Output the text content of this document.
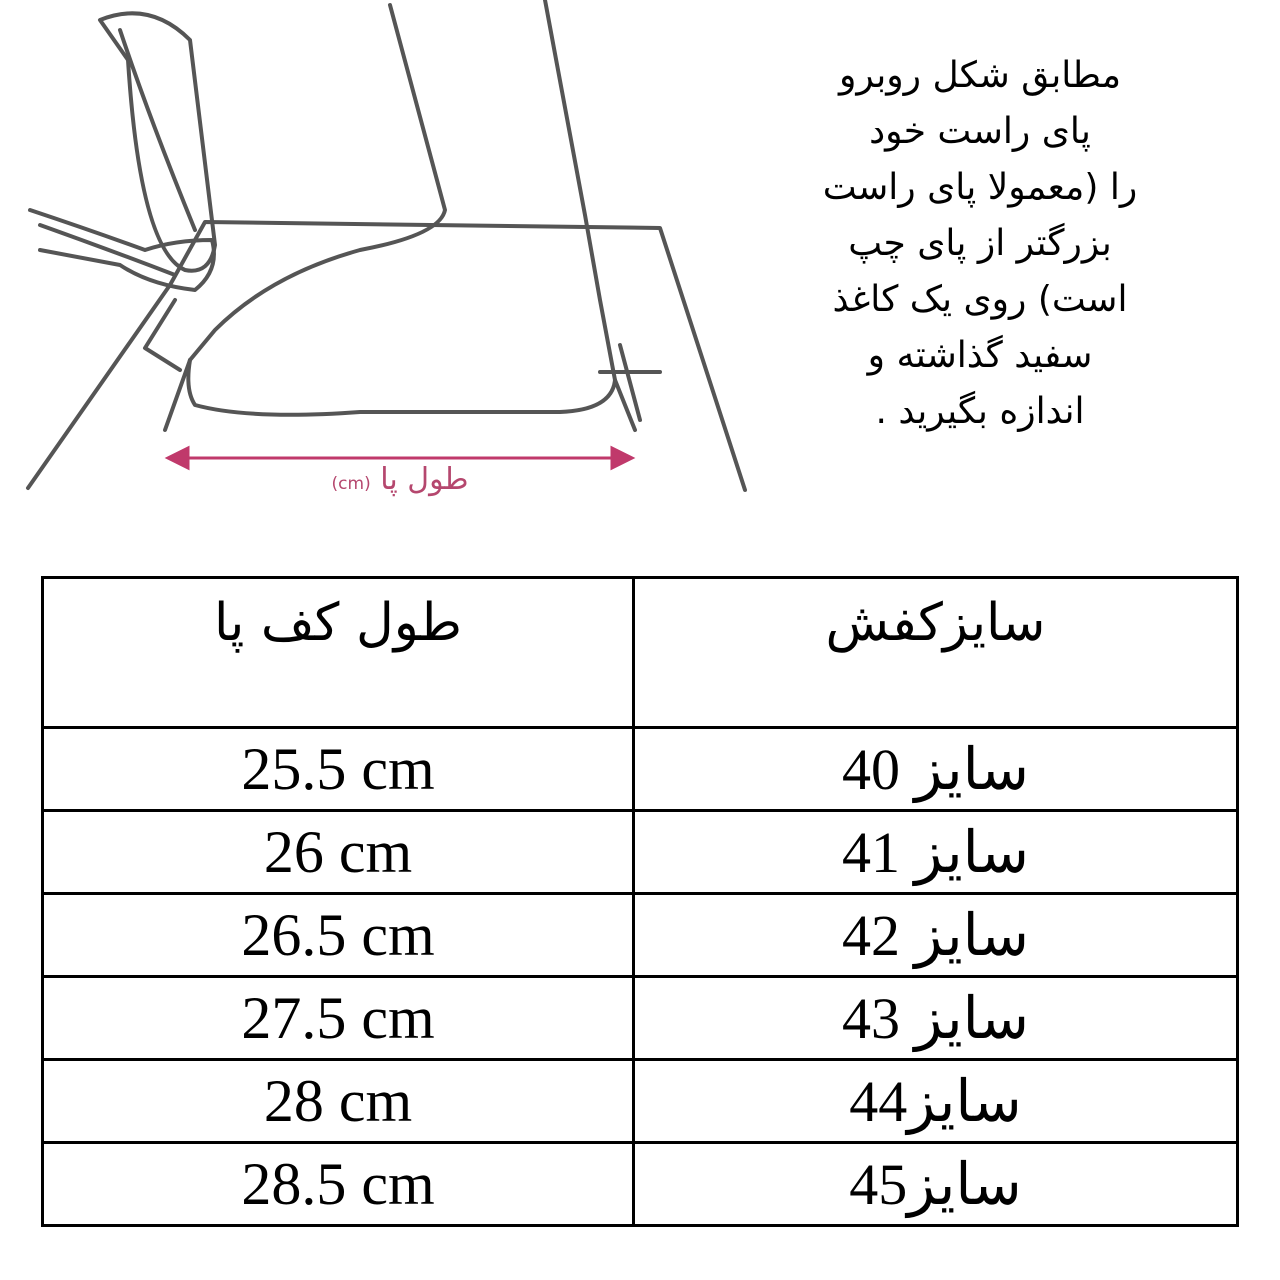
طول پا (cm)
مطابق شکل روبرو
پای راست خود
را (معمولا پای راست
بزرگتر از پای چپ
است) روی یک کاغذ
سفید گذاشته و
اندازه بگیرید .
طول کف پا	سایزکفش
25.5 cm	سایز 40
26 cm	سایز 41
26.5 cm	سایز 42
27.5 cm	سایز 43
28 cm	سایز44
28.5 cm	سایز45
